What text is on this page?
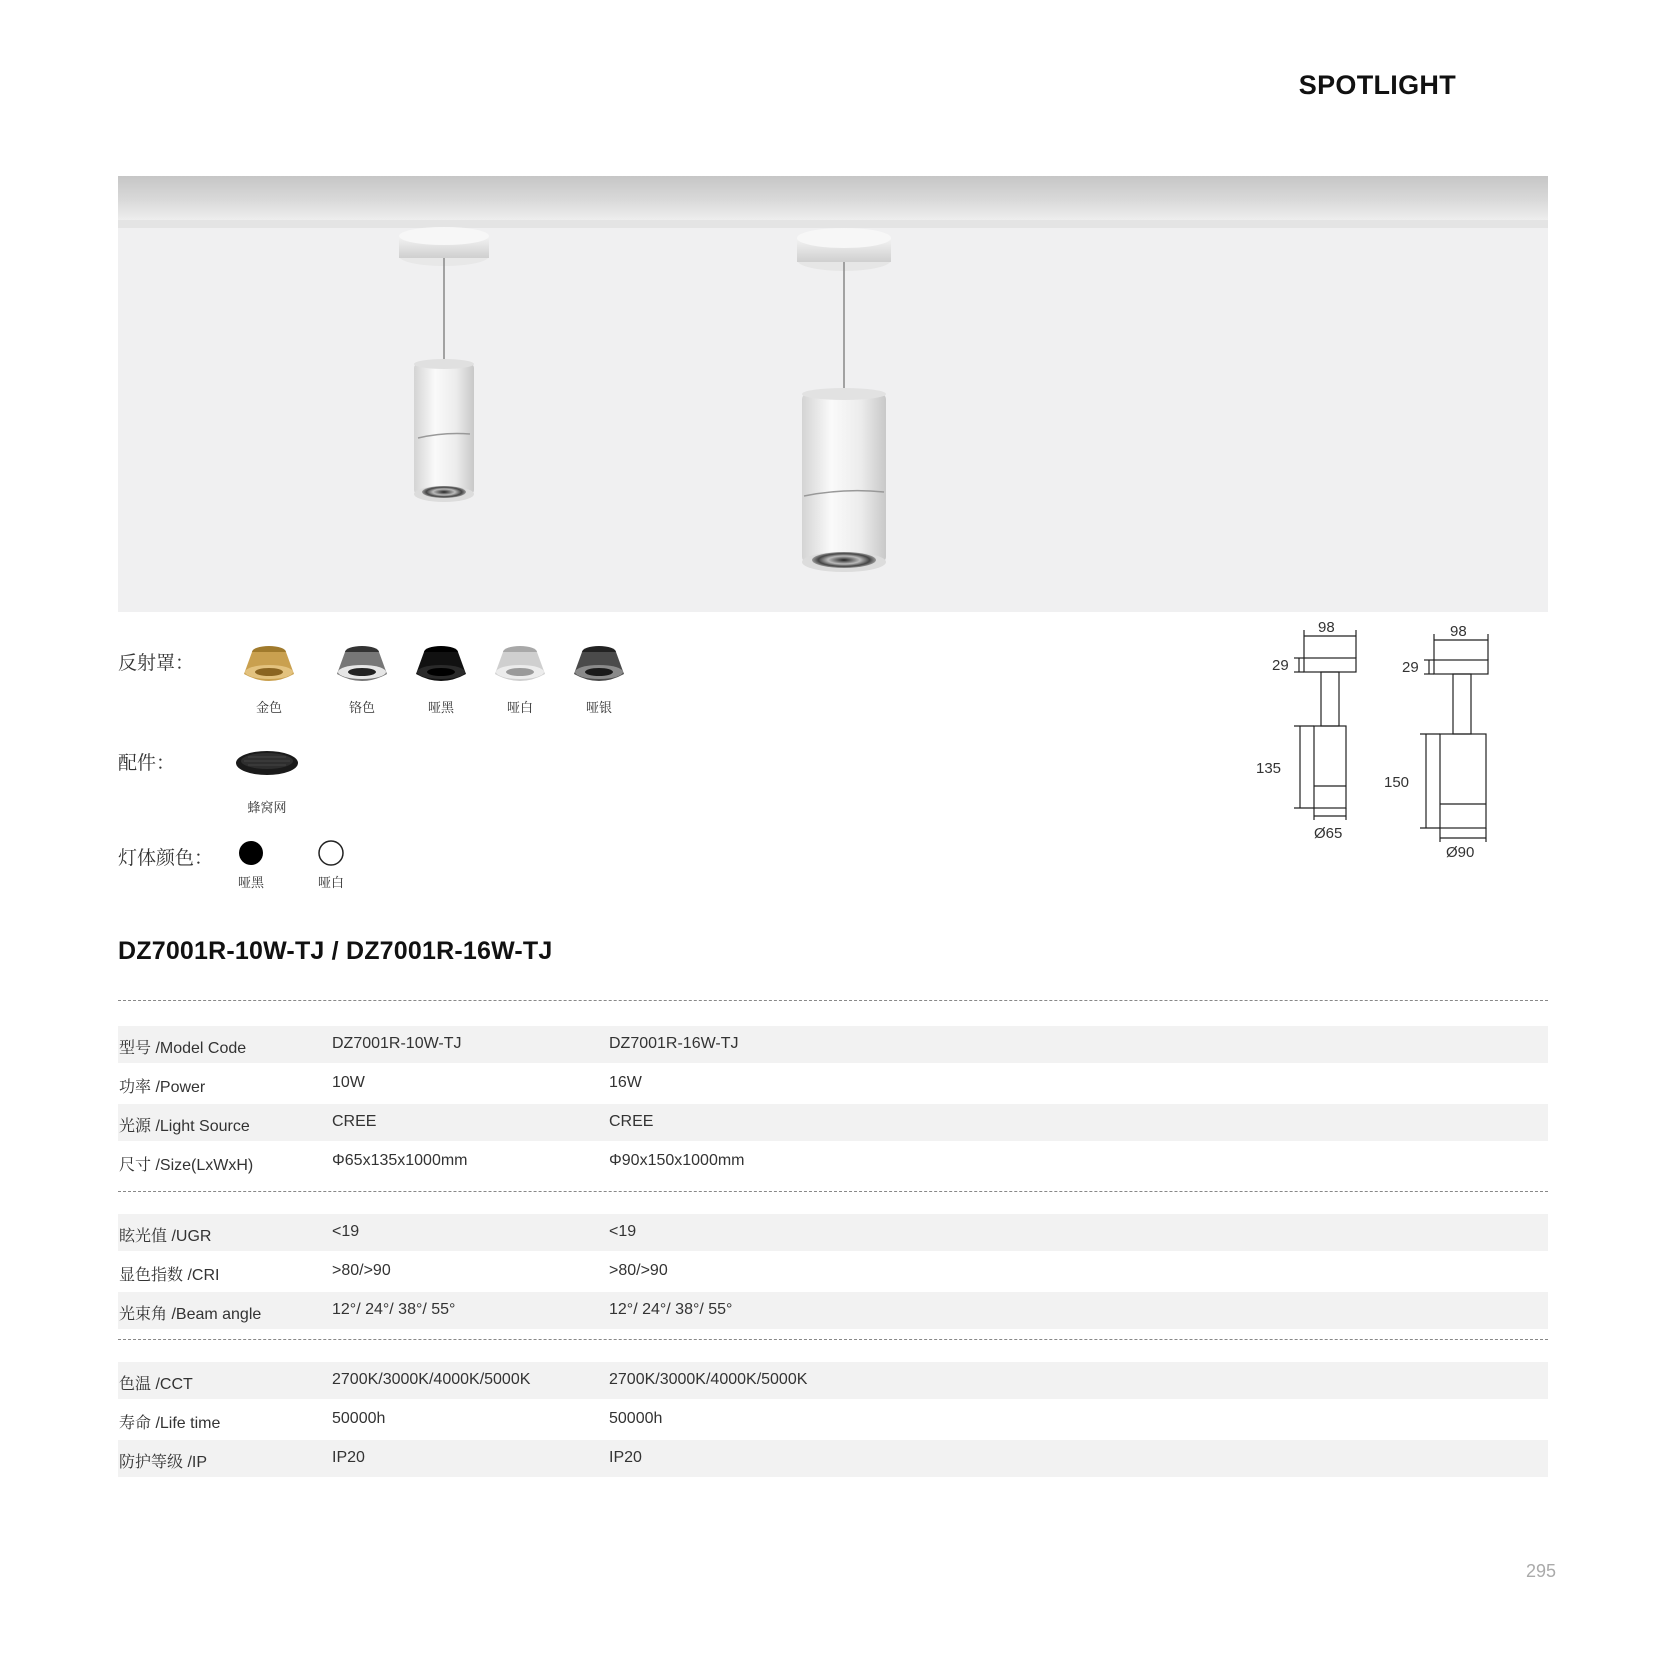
SPOTLIGHT
反射罩：
金色	铬色	哑黑	哑白	哑银
配件：
蜂窝网
灯体颜色：
哑黑	哑白
98
29
135
Ø65
98
29
150
Ø90
DZ7001R-10W-TJ / DZ7001R-16W-TJ
型号 /Model Code	DZ7001R-10W-TJ	DZ7001R-16W-TJ
功率 /Power	10W	16W
光源 /Light Source	CREE	CREE
尺寸 /Size(LxWxH)	Φ65x135x1000mm	Φ90x150x1000mm
眩光值 /UGR	<19	<19
显色指数 /CRI	>80/>90	>80/>90
光束角 /Beam angle	12°/ 24°/ 38°/ 55°	12°/ 24°/ 38°/ 55°
色温 /CCT	2700K/3000K/4000K/5000K	2700K/3000K/4000K/5000K
寿命 /Life time	50000h	50000h
防护等级 /IP	IP20	IP20
295
